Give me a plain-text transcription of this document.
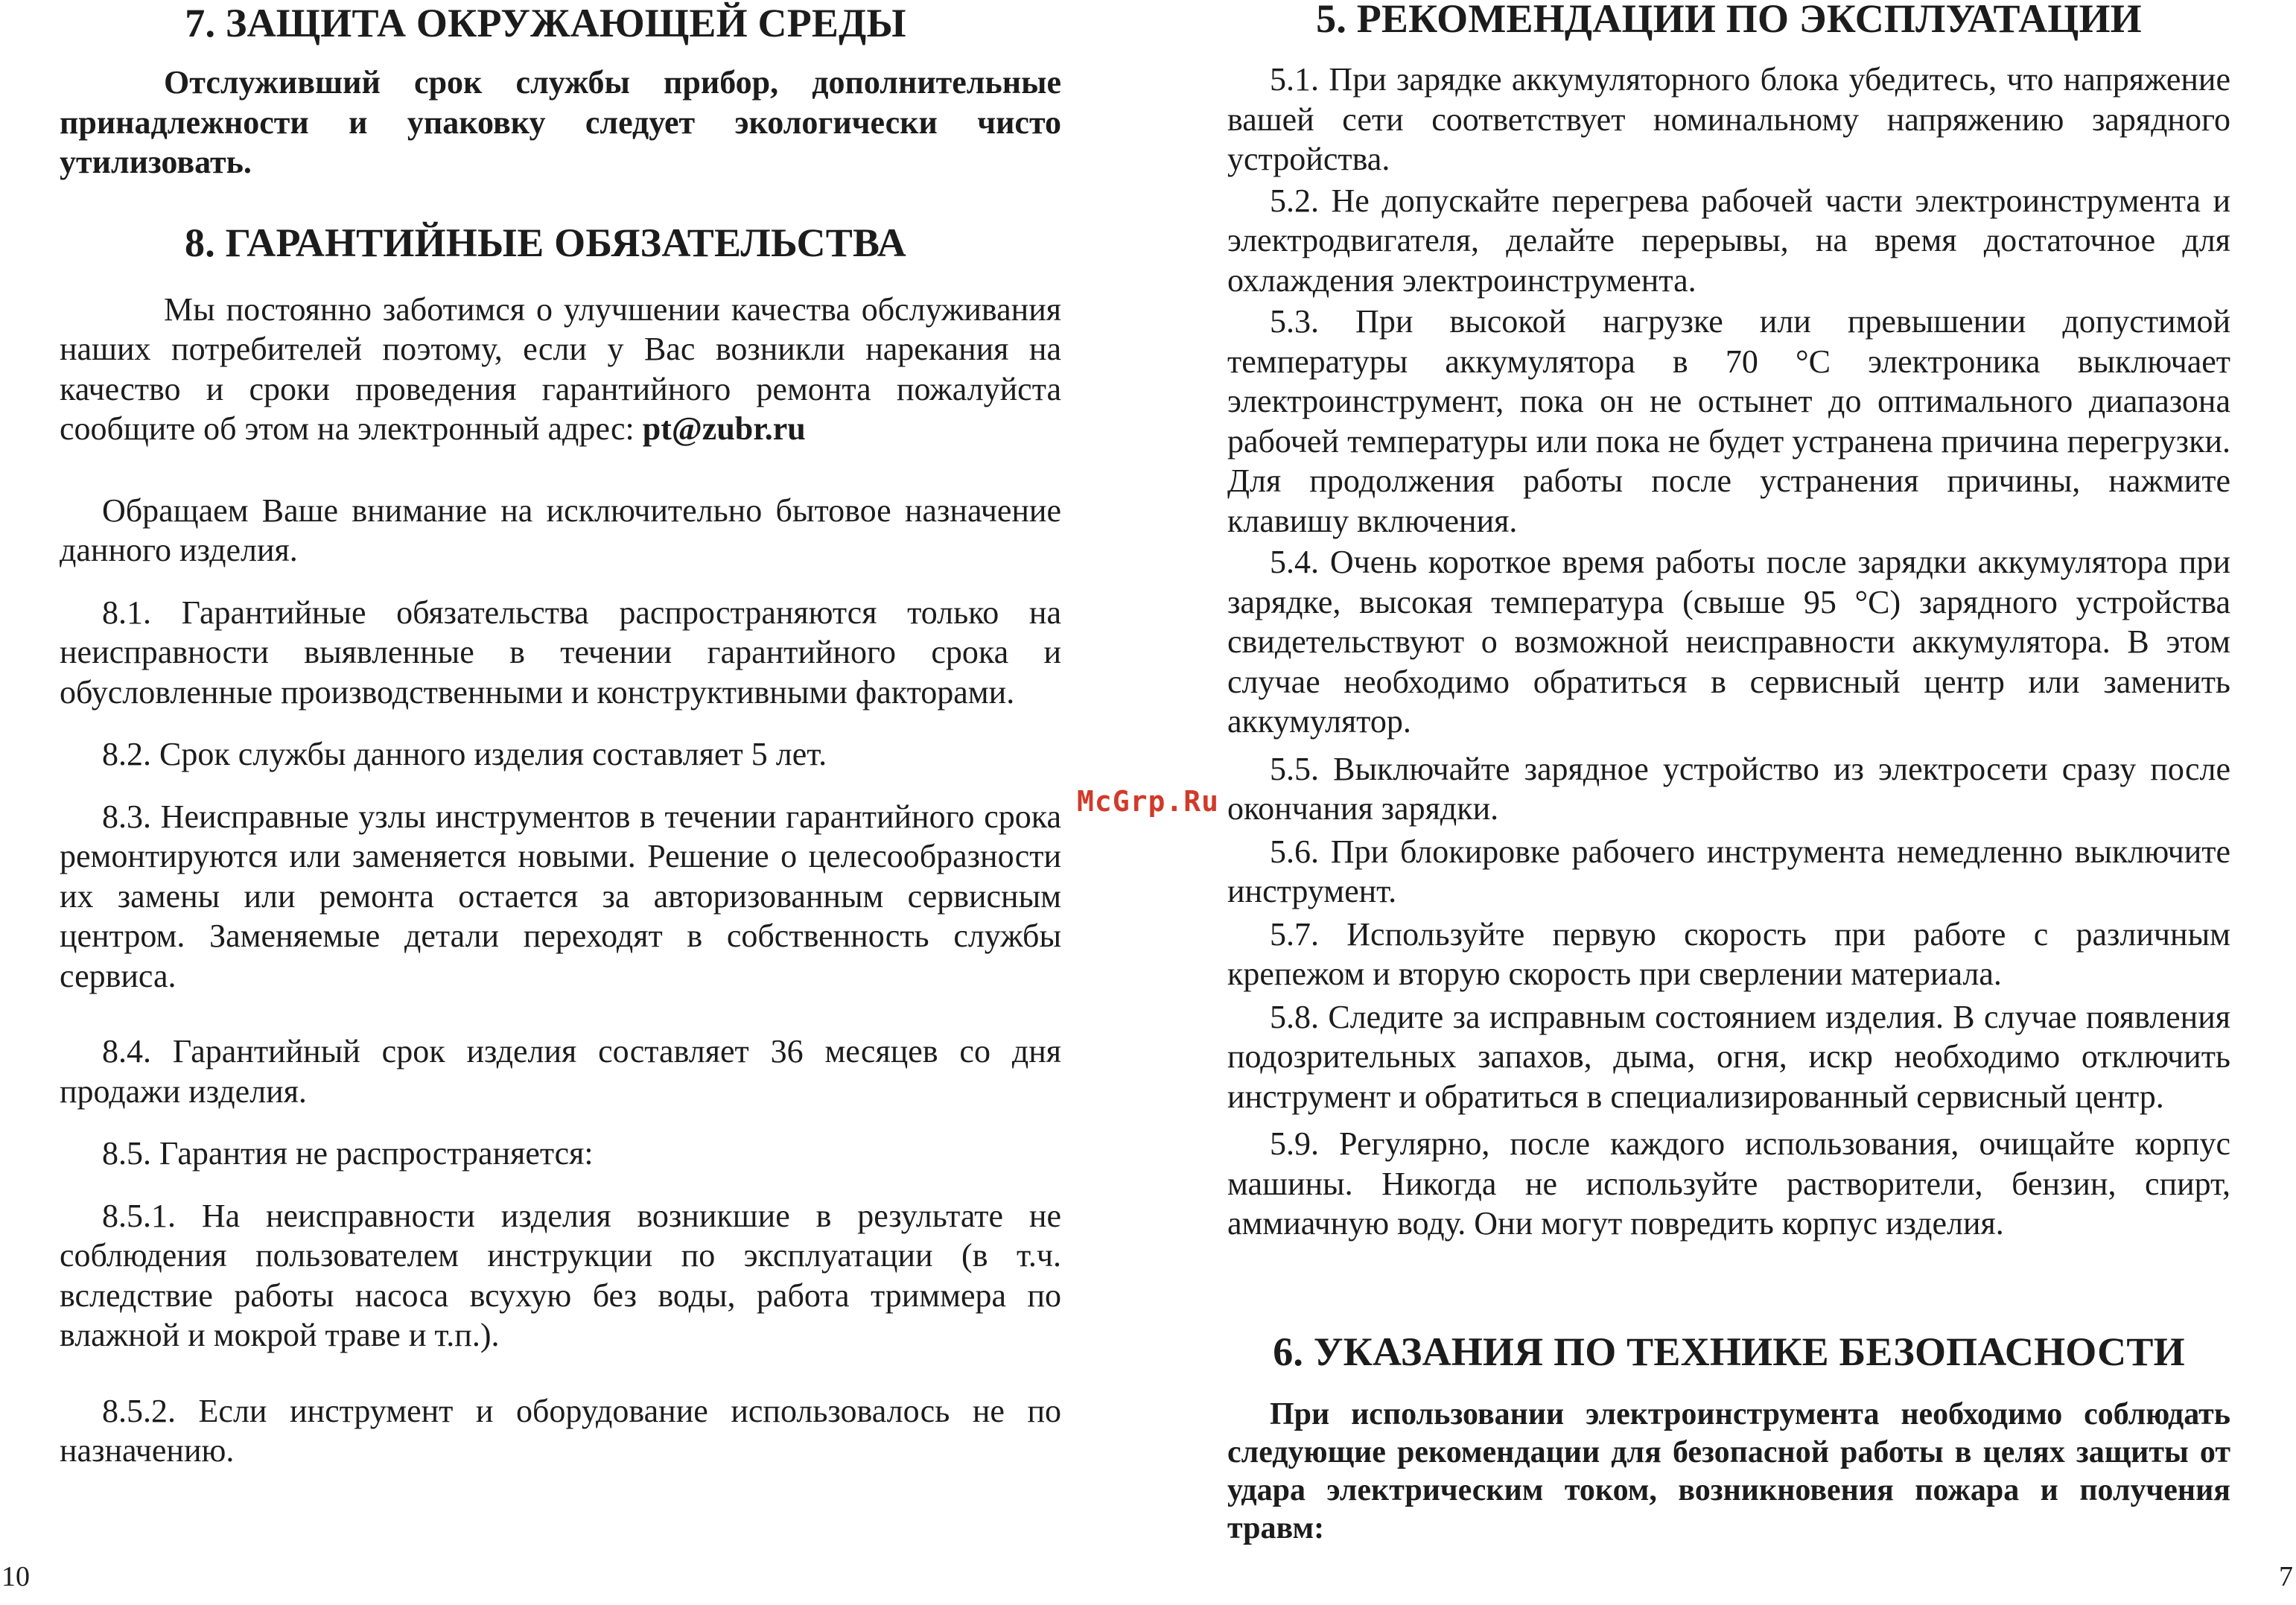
7. ЗАЩИТА ОКРУЖАЮЩЕЙ СРЕДЫ

Отслуживший срок службы прибор, дополнительные принадлежности и упаковку следует экологически чисто утилизовать.

8. ГАРАНТИЙНЫЕ ОБЯЗАТЕЛЬСТВА

Мы постоянно заботимся о улучшении качества обслуживания наших потребителей поэтому, если у Вас возникли нарекания на качество и сроки проведения гарантийного ремонта пожалуйста сообщите об этом на электронный адрес: pt@zubr.ru

Обращаем Ваше внимание на исключительно бытовое назначение данного изделия.

8.1. Гарантийные обязательства распространяются только на неисправности выявленные в течении гарантийного срока и обусловленные производственными и конструктивными факторами.

8.2. Срок службы данного изделия составляет 5 лет.

8.3. Неисправные узлы инструментов в течении гарантийного срока ремонтируются или заменяется новыми. Решение о целесообразности их замены или ремонта остается за авторизованным сервисным центром. Заменяемые детали переходят в собственность службы сервиса.

8.4. Гарантийный срок изделия составляет 36 месяцев со дня продажи изделия.

8.5. Гарантия не распространяется:

8.5.1. На неисправности изделия возникшие в результате не соблюдения пользователем инструкции по эксплуатации (в т.ч. вследствие работы насоса всухую без воды, работа триммера по влажной и мокрой траве и т.п.).

8.5.2. Если инструмент и оборудование использовалось не по назначению.

10
McGrp.Ru
5. РЕКОМЕНДАЦИИ ПО ЭКСПЛУАТАЦИИ

5.1. При зарядке аккумуляторного блока убедитесь, что напряжение вашей сети соответствует номинальному напряжению зарядного устройства.

5.2. Не допускайте перегрева рабочей части электроинструмента и электродвигателя, делайте перерывы, на время достаточное для охлаждения электроинструмента.

5.3. При высокой нагрузке или превышении допустимой температуры аккумулятора в 70 °С электроника выключает электроинструмент, пока он не остынет до оптимального диапазона рабочей температуры или пока не будет устранена причина перегрузки. Для продолжения работы после устранения причины, нажмите клавишу включения.

5.4. Очень короткое время работы после зарядки аккумулятора при зарядке, высокая температура (свыше 95 °С) зарядного устройства свидетельствуют о возможной неисправности аккумулятора. В этом случае необходимо обратиться в сервисный центр или заменить аккумулятор.

5.5. Выключайте зарядное устройство из электросети сразу после окончания зарядки.

5.6. При блокировке рабочего инструмента немедленно выключите инструмент.

5.7. Используйте первую скорость при работе с различным крепежом и вторую скорость при сверлении материала.

5.8. Следите за исправным состоянием изделия. В случае появления подозрительных запахов, дыма, огня, искр необходимо отключить инструмент и обратиться в специализированный сервисный центр.

5.9. Регулярно, после каждого использования, очищайте корпус машины. Никогда не используйте растворители, бензин, спирт, аммиачную воду. Они могут повредить корпус изделия.

6. УКАЗАНИЯ ПО ТЕХНИКЕ БЕЗОПАСНОСТИ

При использовании электроинструмента необходимо соблюдать следующие рекомендации для безопасной работы в целях защиты от удара электрическим током, возникновения пожара и получения травм:

7
